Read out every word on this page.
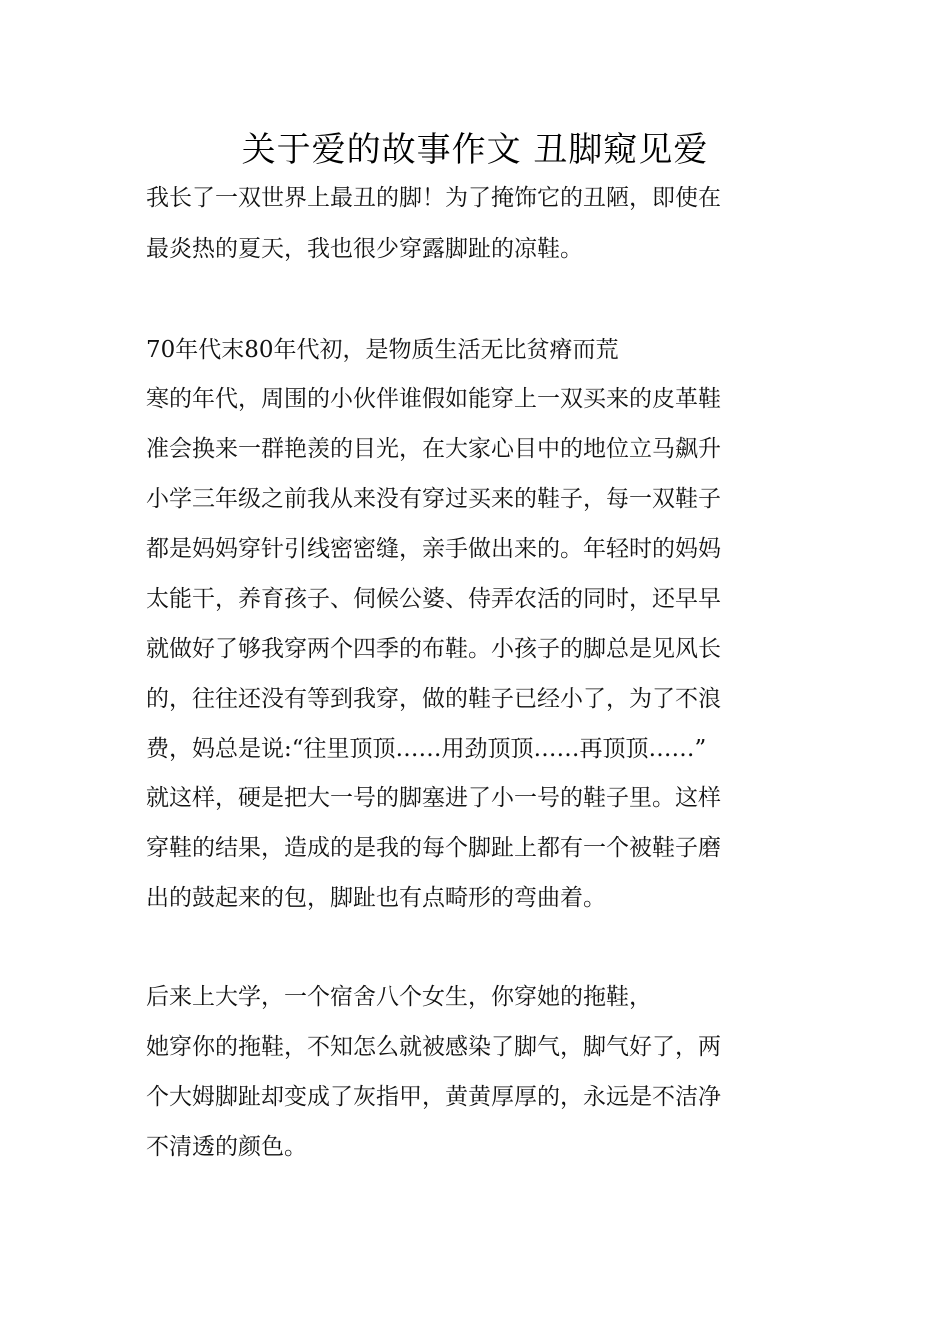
关于爱的故事作文 丑脚窥见爱
我长了一双世界上最丑的脚！为了掩饰它的丑陋，即使在
最炎热的夏天，我也很少穿露脚趾的凉鞋。
70年代末80年代初，是物质生活无比贫瘠而荒
寒的年代，周围的小伙伴谁假如能穿上一双买来的皮革鞋
准会换来一群艳羡的目光，在大家心目中的地位立马飙升
小学三年级之前我从来没有穿过买来的鞋子，每一双鞋子
都是妈妈穿针引线密密缝，亲手做出来的。年轻时的妈妈
太能干，养育孩子、伺候公婆、侍弄农活的同时，还早早
就做好了够我穿两个四季的布鞋。小孩子的脚总是见风长
的，往往还没有等到我穿，做的鞋子已经小了，为了不浪
费，妈总是说:“往里顶顶……用劲顶顶……再顶顶……”
就这样，硬是把大一号的脚塞进了小一号的鞋子里。这样
穿鞋的结果，造成的是我的每个脚趾上都有一个被鞋子磨
出的鼓起来的包，脚趾也有点畸形的弯曲着。
后来上大学，一个宿舍八个女生，你穿她的拖鞋，
她穿你的拖鞋，不知怎么就被感染了脚气，脚气好了，两
个大姆脚趾却变成了灰指甲，黄黄厚厚的，永远是不洁净
不清透的颜色。
